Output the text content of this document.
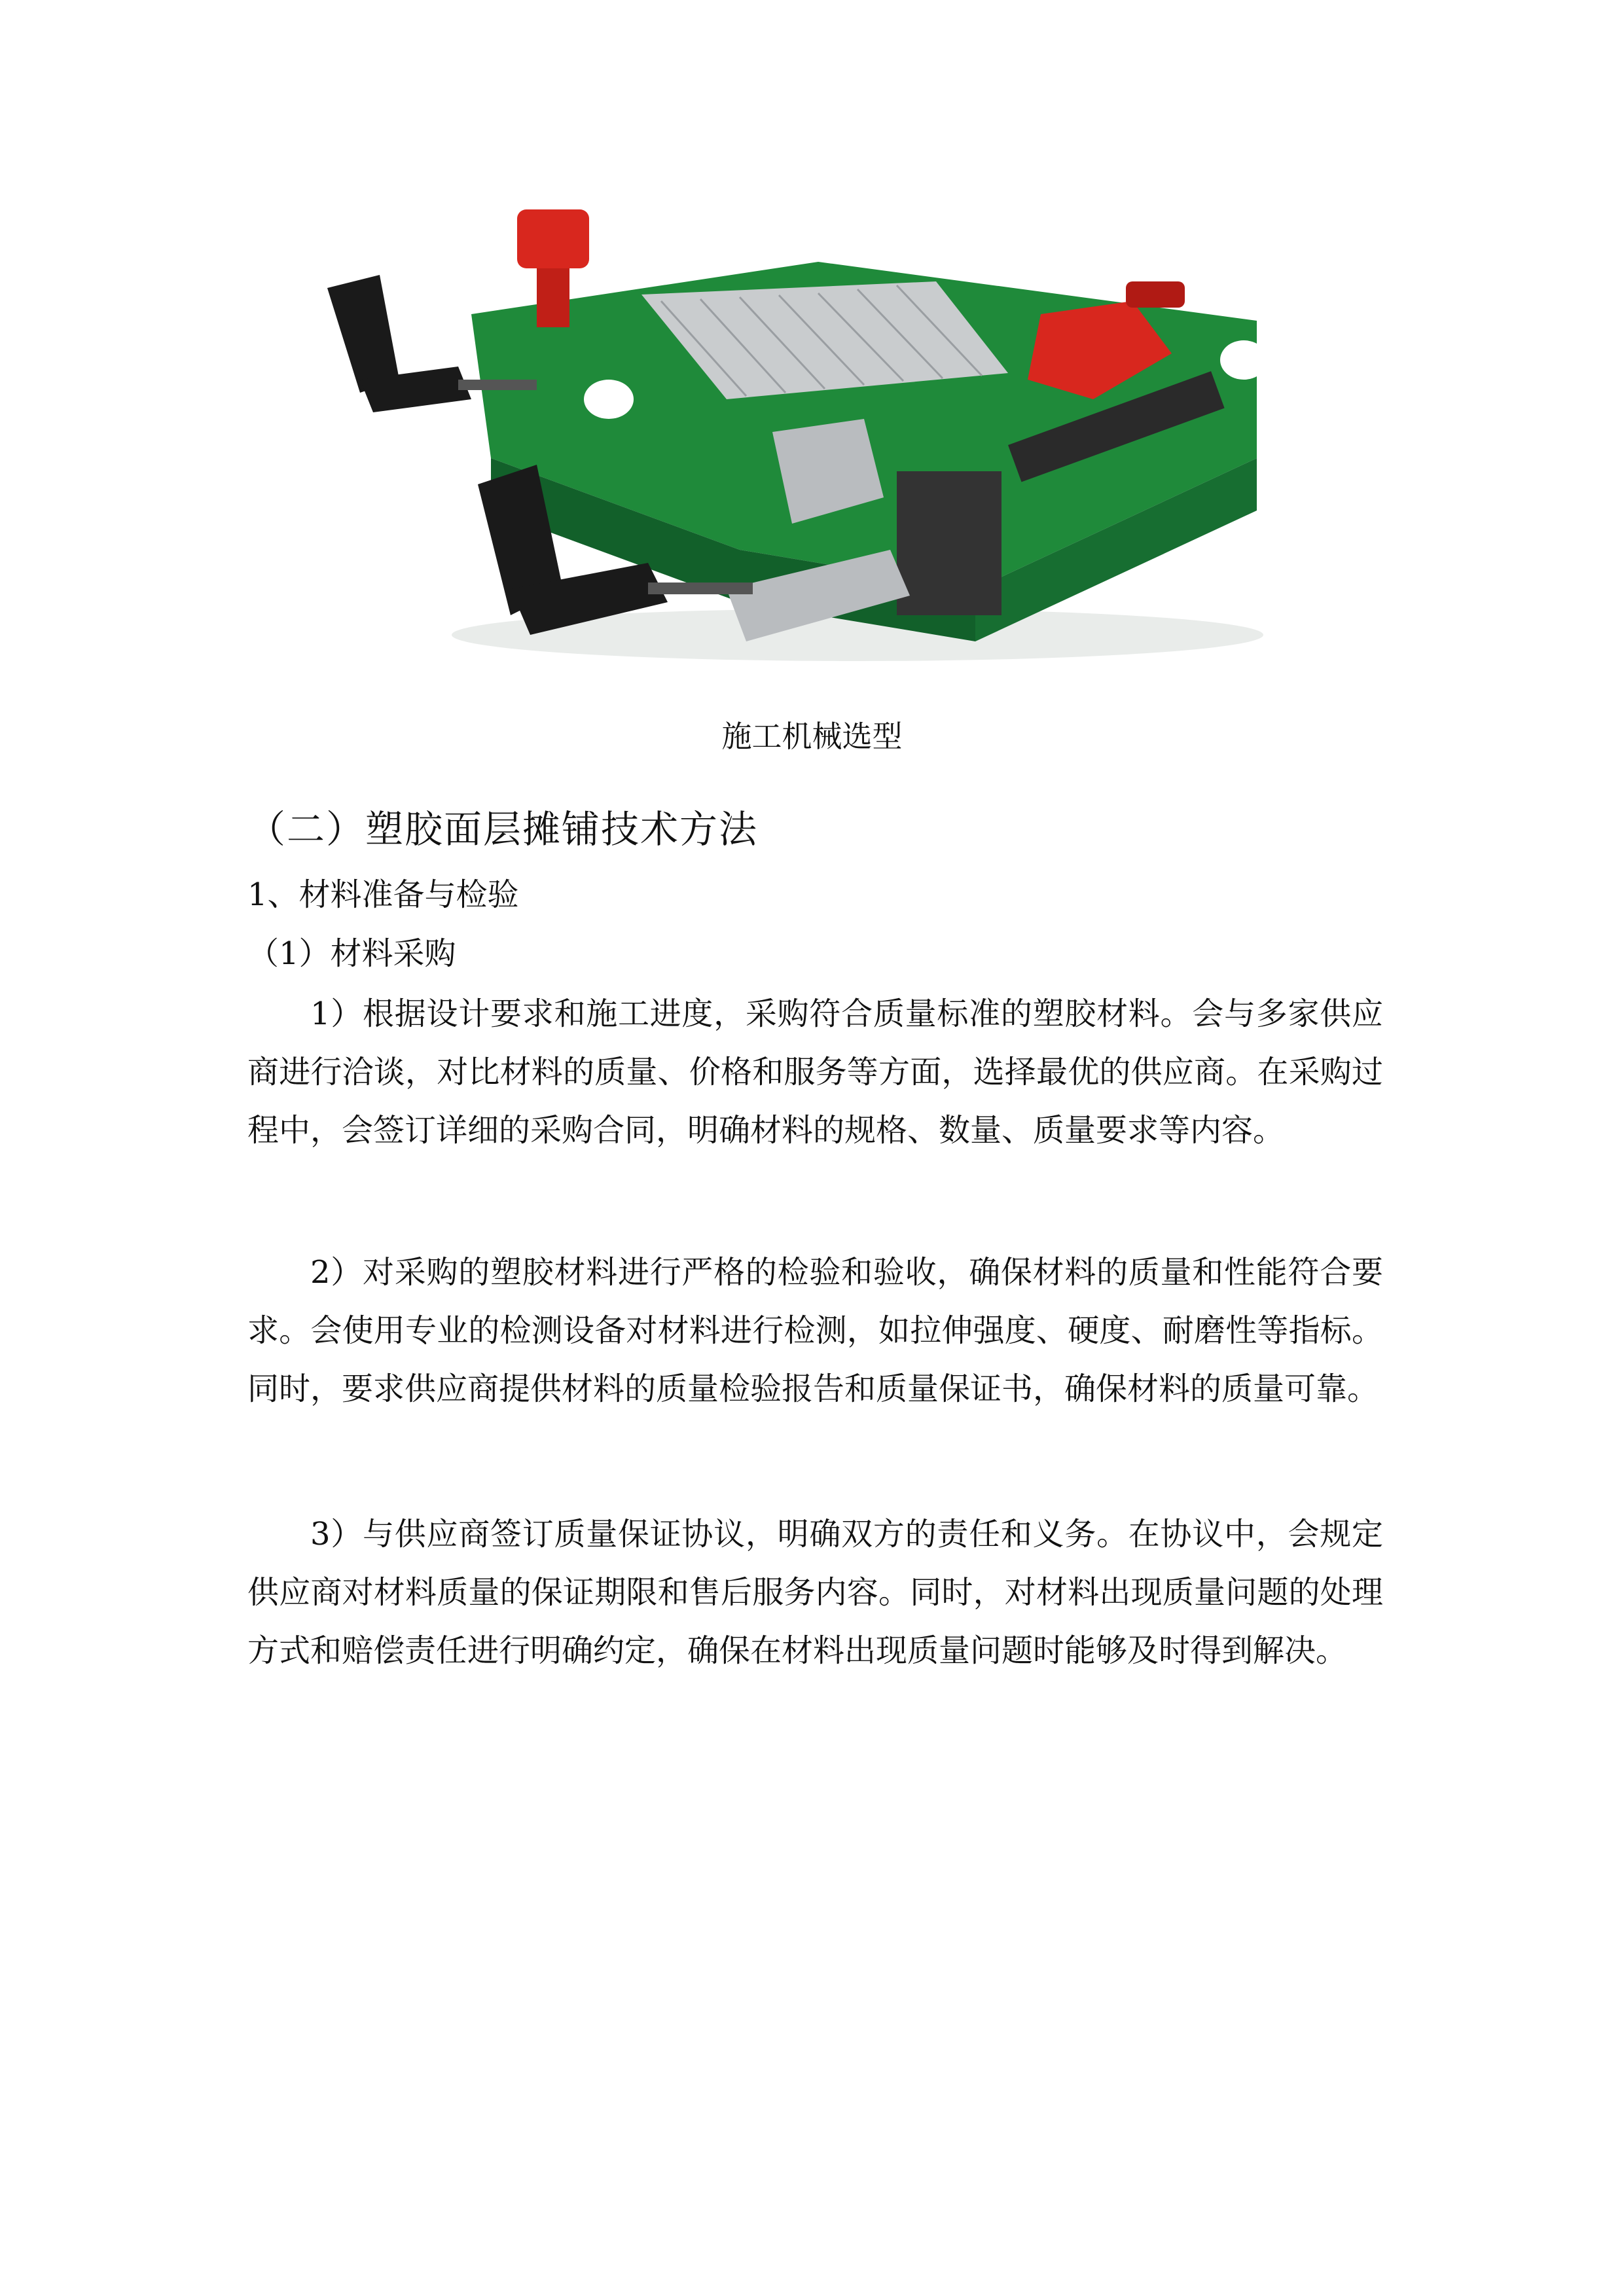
施工机械选型
（二）塑胶面层摊铺技术方法
1、材料准备与检验
（1）材料采购

1）根据设计要求和施工进度，采购符合质量标准的塑胶材料。会与多家供应商进行洽谈，对比材料的质量、价格和服务等方面，选择最优的供应商。在采购过程中，会签订详细的采购合同，明确材料的规格、数量、质量要求等内容。

2）对采购的塑胶材料进行严格的检验和验收，确保材料的质量和性能符合要求。会使用专业的检测设备对材料进行检测，如拉伸强度、硬度、耐磨性等指标。同时，要求供应商提供材料的质量检验报告和质量保证书，确保材料的质量可靠。

3）与供应商签订质量保证协议，明确双方的责任和义务。在协议中，会规定供应商对材料质量的保证期限和售后服务内容。同时，对材料出现质量问题的处理方式和赔偿责任进行明确约定，确保在材料出现质量问题时能够及时得到解决。
